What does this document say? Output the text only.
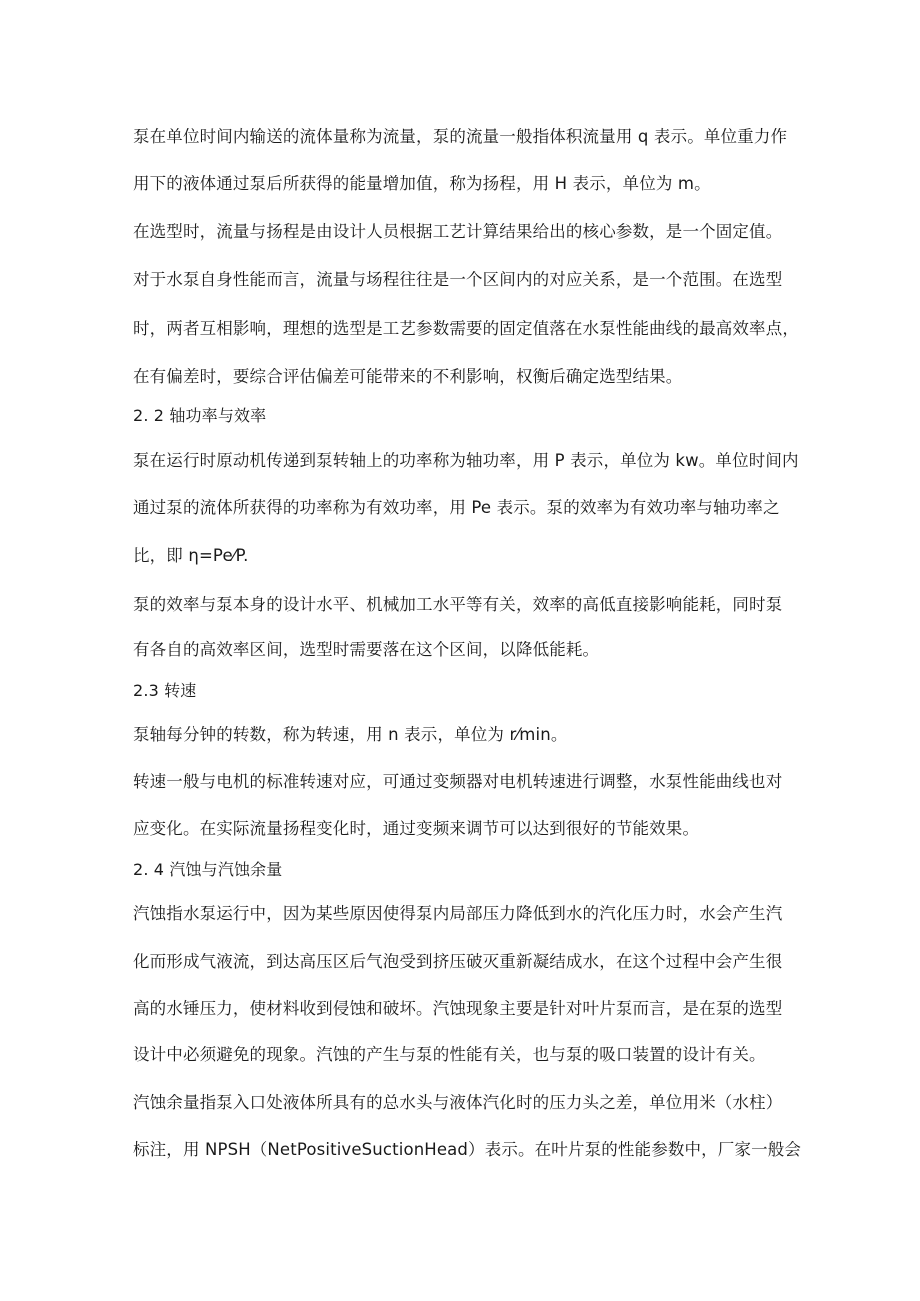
泵在单位时间内输送的流体量称为流量，泵的流量一般指体积流量用 q 表示。单位重力作
用下的液体通过泵后所获得的能量增加值，称为扬程，用 H 表示，单位为 m。
在选型时，流量与扬程是由设计人员根据工艺计算结果给出的核心参数，是一个固定值。
对于水泵自身性能而言，流量与场程往往是一个区间内的对应关系，是一个范围。在选型
时，两者互相影响，理想的选型是工艺参数需要的固定值落在水泵性能曲线的最高效率点，
在有偏差时，要综合评估偏差可能带来的不利影响，权衡后确定选型结果。
2. 2 轴功率与效率
泵在运行时原动机传递到泵转轴上的功率称为轴功率，用 P 表示，单位为 kw。单位时间内
通过泵的流体所获得的功率称为有效功率，用 Pe 表示。泵的效率为有效功率与轴功率之
比，即 η=Pe⁄P.
泵的效率与泵本身的设计水平、机械加工水平等有关，效率的高低直接影响能耗，同时泵
有各自的高效率区间，选型时需要落在这个区间，以降低能耗。
2.3 转速
泵轴每分钟的转数，称为转速，用 n 表示，单位为 r⁄min。
转速一般与电机的标准转速对应，可通过变频器对电机转速进行调整，水泵性能曲线也对
应变化。在实际流量扬程变化时，通过变频来调节可以达到很好的节能效果。
2. 4 汽蚀与汽蚀余量
汽蚀指水泵运行中，因为某些原因使得泵内局部压力降低到水的汽化压力时，水会产生汽
化而形成气液流，到达高压区后气泡受到挤压破灭重新凝结成水，在这个过程中会产生很
高的水锤压力，使材料收到侵蚀和破坏。汽蚀现象主要是针对叶片泵而言，是在泵的选型
设计中必须避免的现象。汽蚀的产生与泵的性能有关，也与泵的吸口装置的设计有关。
汽蚀余量指泵入口处液体所具有的总水头与液体汽化时的压力头之差，单位用米（水柱）
标注，用 NPSH（NetPositiveSuctionHead）表示。在叶片泵的性能参数中，厂家一般会
